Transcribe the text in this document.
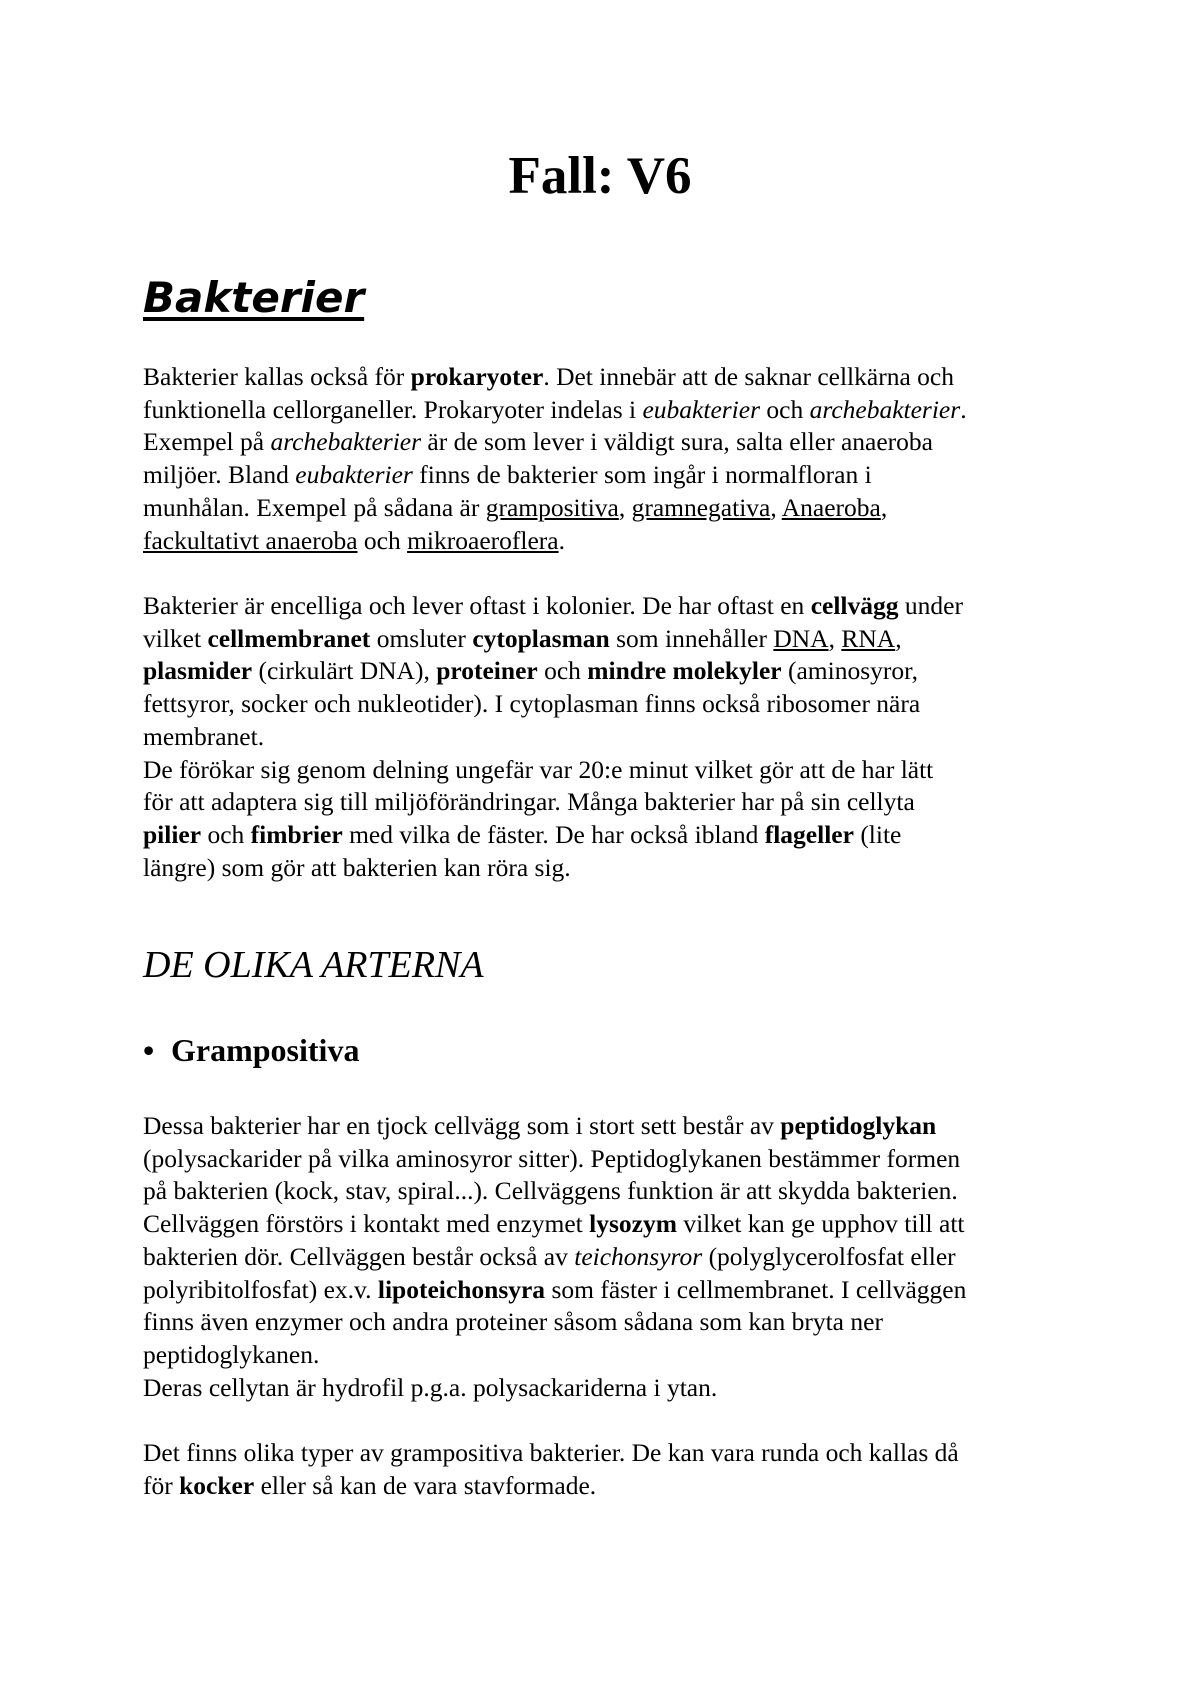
Fall: V6
Bakterier

Bakterier kallas också för prokaryoter. Det innebär att de saknar cellkärna och
funktionella cellorganeller. Prokaryoter indelas i eubakterier och archebakterier.
Exempel på archebakterier är de som lever i väldigt sura, salta eller anaeroba
miljöer. Bland eubakterier finns de bakterier som ingår i normalfloran i
munhålan. Exempel på sådana är grampositiva, gramnegativa, Anaeroba,
fackultativt anaeroba och mikroaeroflera.

Bakterier är encelliga och lever oftast i kolonier. De har oftast en cellvägg under
vilket cellmembranet omsluter cytoplasman som innehåller DNA, RNA,
plasmider (cirkulärt DNA), proteiner och mindre molekyler (aminosyror,
fettsyror, socker och nukleotider). I cytoplasman finns också ribosomer nära
membranet.
De förökar sig genom delning ungefär var 20:e minut vilket gör att de har lätt
för att adaptera sig till miljöförändringar. Många bakterier har på sin cellyta
pilier och fimbrier med vilka de fäster. De har också ibland flageller (lite
längre) som gör att bakterien kan röra sig.

DE OLIKA ARTERNA
• Grampositiva

Dessa bakterier har en tjock cellvägg som i stort sett består av peptidoglykan
(polysackarider på vilka aminosyror sitter). Peptidoglykanen bestämmer formen
på bakterien (kock, stav, spiral...). Cellväggens funktion är att skydda bakterien.
Cellväggen förstörs i kontakt med enzymet lysozym vilket kan ge upphov till att
bakterien dör. Cellväggen består också av teichonsyror (polyglycerolfosfat eller
polyribitolfosfat) ex.v. lipoteichonsyra som fäster i cellmembranet. I cellväggen
finns även enzymer och andra proteiner såsom sådana som kan bryta ner
peptidoglykanen.
Deras cellytan är hydrofil p.g.a. polysackariderna i ytan.

Det finns olika typer av grampositiva bakterier. De kan vara runda och kallas då
för kocker eller så kan de vara stavformade.
